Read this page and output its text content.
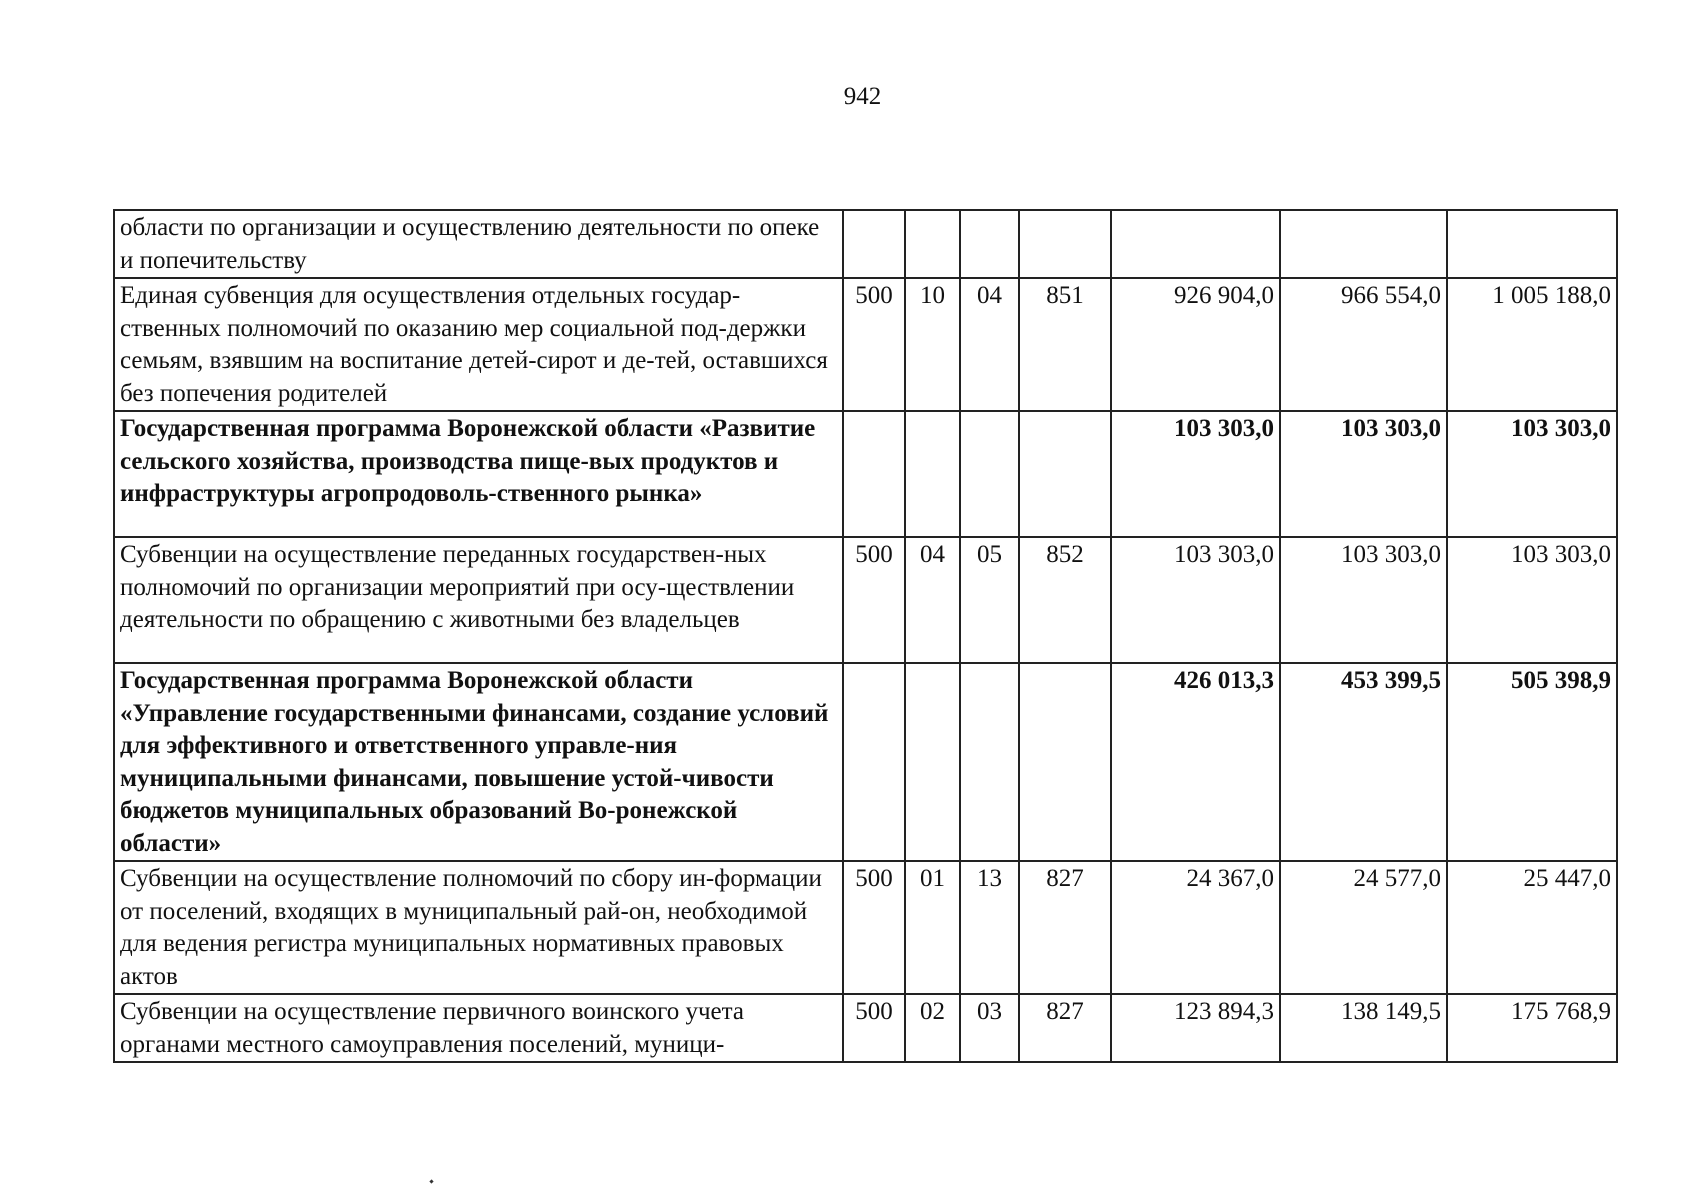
942
области по организации и осуществлению деятельности по опеке и попечительству							
Единая субвенция для осуществления отдельных государ-ственных полномочий по оказанию мер социальной под-держки семьям, взявшим на воспитание детей-сирот и де-тей, оставшихся без попечения родителей	500	10	04	851	926 904,0	966 554,0	1 005 188,0
Государственная программа Воронежской области «Развитие сельского хозяйства, производства пище-вых продуктов и инфраструктуры агропродоволь-ственного рынка»					103 303,0	103 303,0	103 303,0
Субвенции на осуществление переданных государствен-ных полномочий по организации мероприятий при осу-ществлении деятельности по обращению с животными без владельцев	500	04	05	852	103 303,0	103 303,0	103 303,0
Государственная программа Воронежской области «Управление государственными финансами, создание условий для эффективного и ответственного управле-ния муниципальными финансами, повышение устой-чивости бюджетов муниципальных образований Во-ронежской области»					426 013,3	453 399,5	505 398,9
Субвенции на осуществление полномочий по сбору ин-формации от поселений, входящих в муниципальный рай-он, необходимой для ведения регистра муниципальных нормативных правовых актов	500	01	13	827	24 367,0	24 577,0	25 447,0
Субвенции на осуществление первичного воинского учета органами местного самоуправления поселений, муници-	500	02	03	827	123 894,3	138 149,5	175 768,9
